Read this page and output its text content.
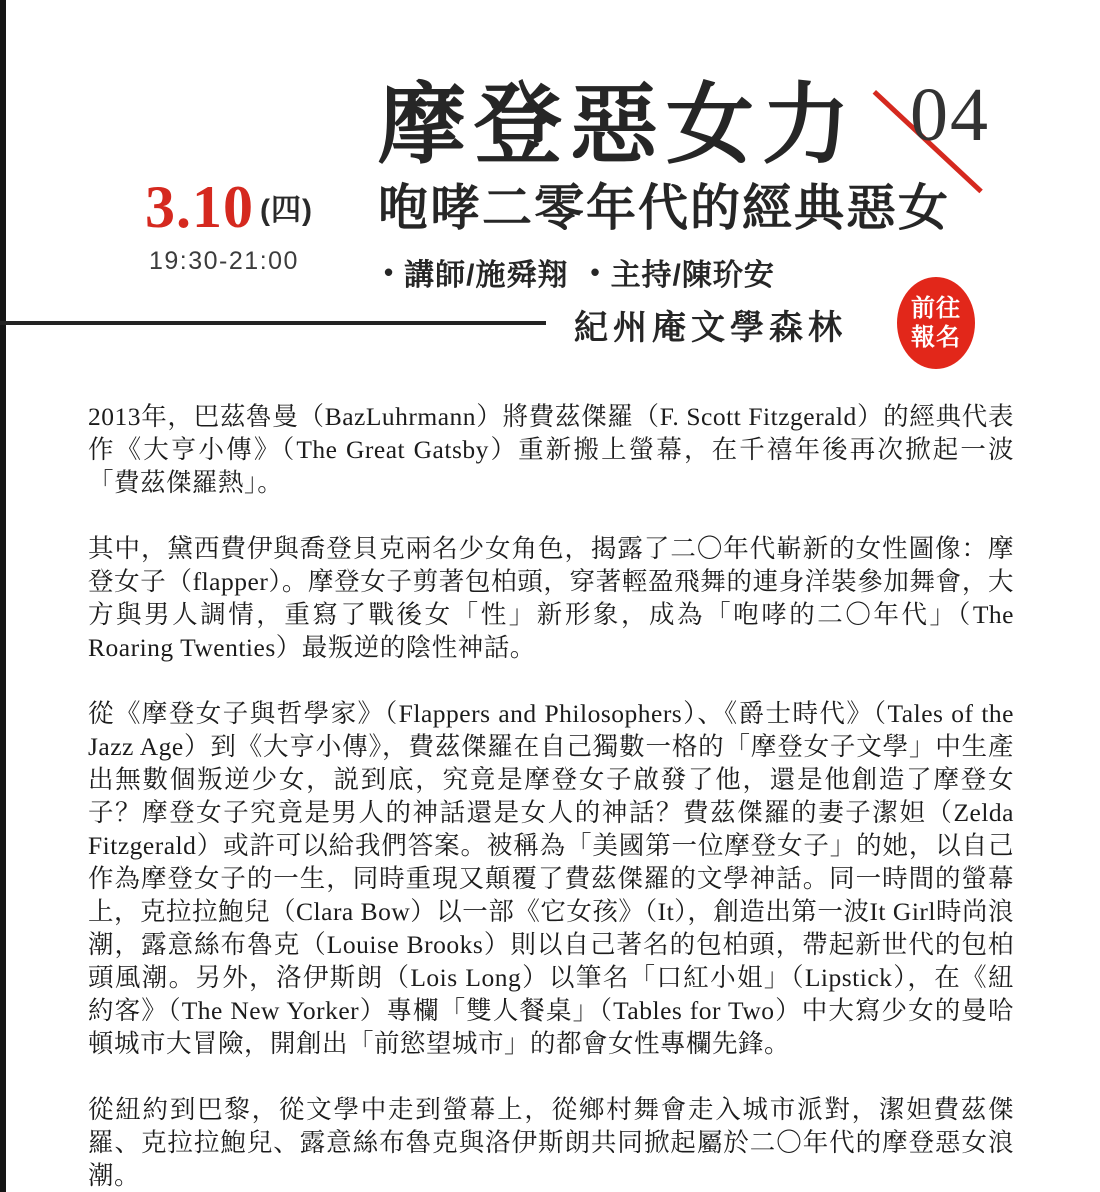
3.10 (四)
19:30-21:00
摩登惡女力 04
咆哮二零年代的經典惡女
• 講師/施舜翔 • 主持/陳玠安
紀州庵文學森林
前往
報名

2013年，巴茲魯曼（BazLuhrmann）將費茲傑羅（F. Scott Fitzgerald）的經典代表作《大亨小傳》（The Great Gatsby）重新搬上螢幕，在千禧年後再次掀起一波「費茲傑羅熱」。

其中，黛西費伊與喬登貝克兩名少女角色，揭露了二〇年代嶄新的女性圖像：摩登女子（flapper）。摩登女子剪著包柏頭，穿著輕盈飛舞的連身洋裝參加舞會，大方與男人調情，重寫了戰後女「性」新形象，成為「咆哮的二〇年代」（The Roaring Twenties）最叛逆的陰性神話。

從《摩登女子與哲學家》（Flappers and Philosophers）、《爵士時代》（Tales of the Jazz Age）到《大亨小傳》，費茲傑羅在自己獨數一格的「摩登女子文學」中生產出無數個叛逆少女，説到底，究竟是摩登女子啟發了他，還是他創造了摩登女子？摩登女子究竟是男人的神話還是女人的神話？費茲傑羅的妻子潔妲（Zelda Fitzgerald）或許可以給我們答案。被稱為「美國第一位摩登女子」的她，以自己作為摩登女子的一生，同時重現又顛覆了費茲傑羅的文學神話。同一時間的螢幕上，克拉拉鮑兒（Clara Bow）以一部《它女孩》（It），創造出第一波It Girl時尚浪潮，露意絲布魯克（Louise Brooks）則以自己著名的包柏頭，帶起新世代的包柏頭風潮。另外，洛伊斯朗（Lois Long）以筆名「口紅小姐」（Lipstick），在《紐約客》（The New Yorker）專欄「雙人餐桌」（Tables for Two）中大寫少女的曼哈頓城市大冒險，開創出「前慾望城市」的都會女性專欄先鋒。

從紐約到巴黎，從文學中走到螢幕上，從鄉村舞會走入城市派對，潔妲費茲傑羅、克拉拉鮑兒、露意絲布魯克與洛伊斯朗共同掀起屬於二〇年代的摩登惡女浪潮。
